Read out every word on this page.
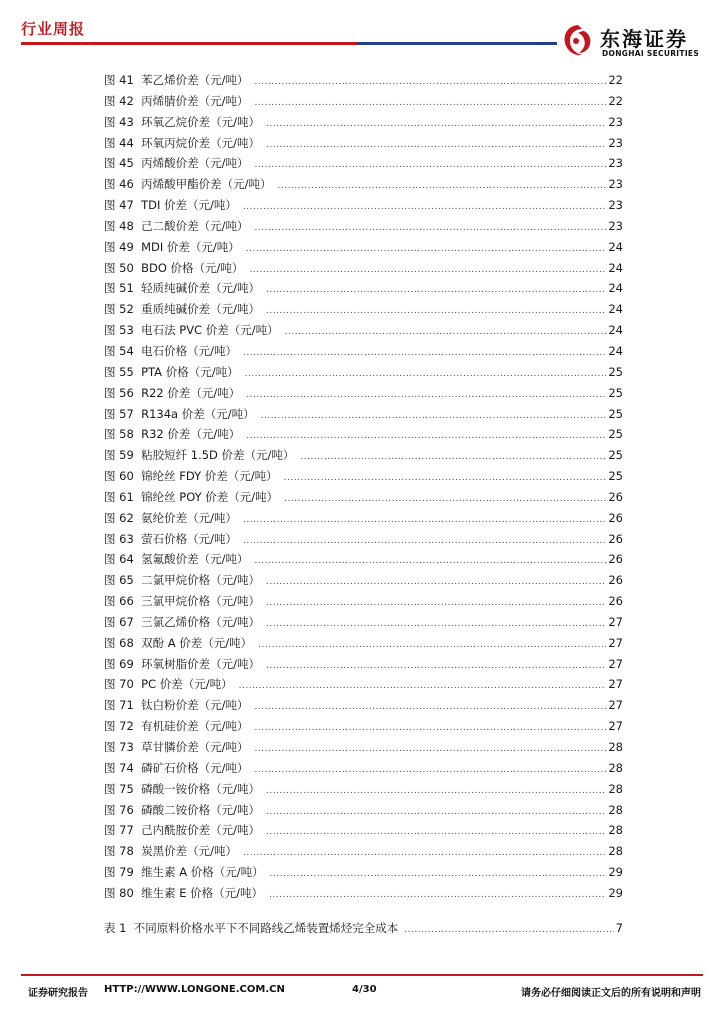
行业周报	东海证券
DONGHAI SECURITIES
图 41  苯乙烯价差（元/吨） .....	22
图 42  丙烯腈价差（元/吨） .....	22
图 43  环氧乙烷价差（元/吨） .....	23
图 44  环氧丙烷价差（元/吨） .....	23
图 45  丙烯酸价差（元/吨） .....	23
图 46  丙烯酸甲酯价差（元/吨） .....	23
图 47  TDI 价差（元/吨） .....	23
图 48  己二酸价差（元/吨） .....	23
图 49  MDI 价差（元/吨） .....	24
图 50  BDO 价格（元/吨） .....	24
图 51  轻质纯碱价差（元/吨） .....	24
图 52  重质纯碱价差（元/吨） .....	24
图 53  电石法 PVC 价差（元/吨） .....	24
图 54  电石价格（元/吨） .....	24
图 55  PTA 价格（元/吨） .....	25
图 56  R22 价差（元/吨） .....	25
图 57  R134a 价差（元/吨） .....	25
图 58  R32 价差（元/吨） .....	25
图 59  粘胶短纤 1.5D 价差（元/吨） .....	25
图 60  锦纶丝 FDY 价差（元/吨） .....	25
图 61  锦纶丝 POY 价差（元/吨） .....	26
图 62  氨纶价差（元/吨） .....	26
图 63  萤石价格（元/吨） .....	26
图 64  氢氟酸价差（元/吨） .....	26
图 65  二氯甲烷价格（元/吨） .....	26
图 66  三氯甲烷价格（元/吨） .....	26
图 67  三氯乙烯价格（元/吨） .....	27
图 68  双酚 A 价差（元/吨） .....	27
图 69  环氧树脂价差（元/吨） .....	27
图 70  PC 价差（元/吨） .....	27
图 71  钛白粉价差（元/吨） .....	27
图 72  有机硅价差（元/吨） .....	27
图 73  草甘膦价差（元/吨） .....	28
图 74  磷矿石价格（元/吨） .....	28
图 75  磷酸一铵价格（元/吨） .....	28
图 76  磷酸二铵价格（元/吨） .....	28
图 77  己内酰胺价差（元/吨） .....	28
图 78  炭黑价差（元/吨） .....	28
图 79  维生素 A 价格（元/吨） .....	29
图 80  维生素 E 价格（元/吨） .....	29
表 1  不同原料价格水平下不同路线乙烯装置烯烃完全成本 .....	7
证券研究报告 HTTP://WWW.LONGONE.COM.CN	4/30	请务必仔细阅读正文后的所有说明和声明
